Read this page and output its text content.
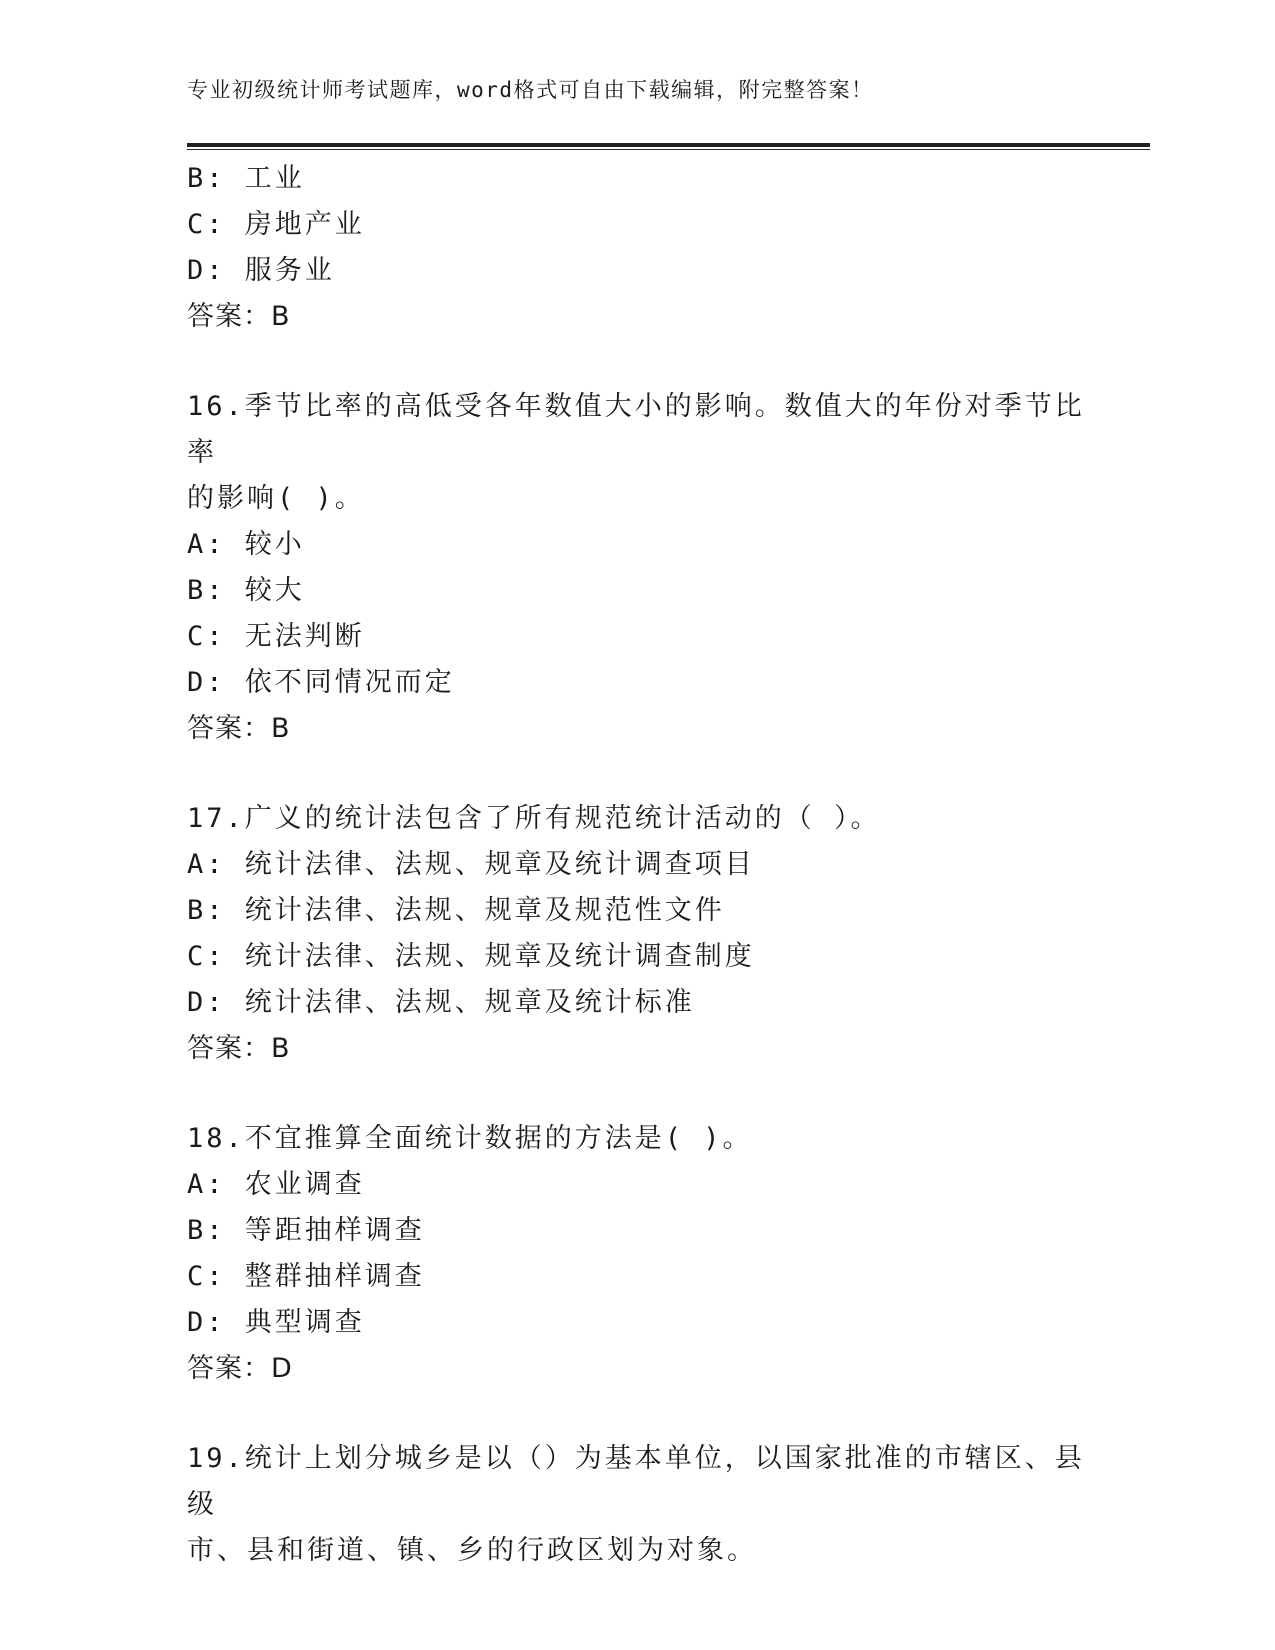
专业初级统计师考试题库，word格式可自由下载编辑，附完整答案！
B: 工业
C: 房地产业
D: 服务业
答案：B
16.季节比率的高低受各年数值大小的影响。数值大的年份对季节比率
的影响( )。
A: 较小
B: 较大
C: 无法判断
D: 依不同情况而定
答案：B
17.广义的统计法包含了所有规范统计活动的（ ）。
A: 统计法律、法规、规章及统计调查项目
B: 统计法律、法规、规章及规范性文件
C: 统计法律、法规、规章及统计调查制度
D: 统计法律、法规、规章及统计标准
答案：B
18.不宜推算全面统计数据的方法是( )。
A: 农业调查
B: 等距抽样调查
C: 整群抽样调查
D: 典型调查
答案：D
19.统计上划分城乡是以（）为基本单位，以国家批准的市辖区、县级
市、县和街道、镇、乡的行政区划为对象。
